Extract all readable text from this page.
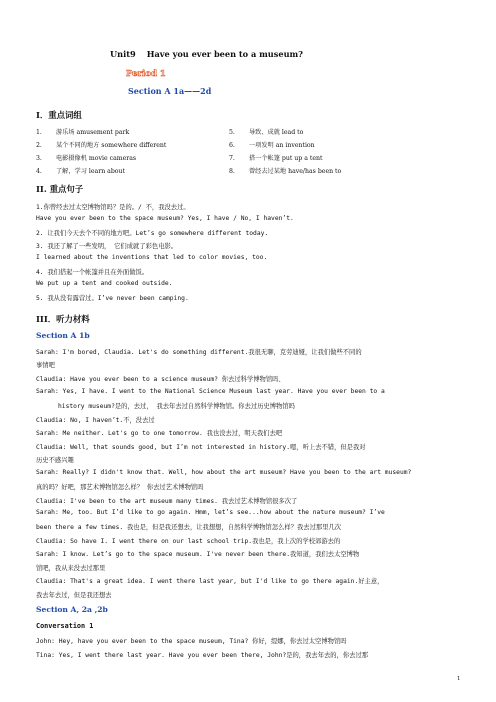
Unit9　 Have you ever been to a museum?
Period 1
Section A 1a——2d
I．重点词组
1. 游乐场 amusement park
2. 某个不同的地方 somewhere different
3. 电影摄像机 movie cameras
4. 了解，学习 learn about
5. 导致、成就 lead to
6. 一项发明 an invention
7. 搭一个帐篷 put up a tent
8. 曾经去过某地 have/has been to
II. 重点句子
1.你曾经去过太空博物馆吗？是的。/ 不，我没去过。
Have you ever been to the space museum? Yes, I have / No, I haven’t.
2. 让我们今天去个不同的地方吧。Let’s go somewhere different today.
3. 我还了解了一些发明， 它们成就了彩色电影。
I learned about the inventions that led to color movies, too.
4. 我们搭起一个帐篷并且在外面做饭。
We put up a tent and cooked outside.
5. 我从没有露营过。I’ve never been camping.
III．听力材料
Section A 1b
Sarah: I'm bored, Claudia. Let's do something different.我很无聊，克劳迪娅，让我们做些不同的
事情吧
Claudia: Have you ever been to a science museum? 你去过科学博物馆吗、
Sarah: Yes, I have. I went to the National Science Museum last year. Have you ever been to a
history museum?是的，去过， 我去年去过自然科学博物馆。你去过历史博物馆吗
Claudia: No, I haven’t.不，没去过
Sarah: Me neither. Let's go to one tomorrow. 我也没去过，明天我们去吧
Claudia: Well, that sounds good, but I’m not interested in history.嗯，听上去不错，但是我对
历史不感兴趣
Sarah: Really? I didn't know that. Well, how about the art museum? Have you been to the art museum?
真的吗？好吧，那艺术博物馆怎么样？ 你去过艺术博物馆吗
Claudia: I've been to the art museum many times. 我去过艺术博物馆很多次了
Sarah: Me, too. But I’d like to go again. Hmm, let’s see...how about the nature museum? I’ve
been there a few times. 我也是，但是我还想去，让我想想，自然科学博物馆怎么样？我去过那里几次
Claudia: So have I. I went there on our last school trip.我也是，我上次的学校郊游去的
Sarah: I know. Let’s go to the space museum. I've never been there.我知道，我们去太空博物
馆吧，我从来没去过那里
Claudia: That's a great idea. I went there last year, but I'd like to go there again.好主意，
我去年去过，但是我还想去
Section A, 2a ,2b
Conversation 1
John: Hey, have you ever been to the space museum, Tina? 你好，缇娜，你去过太空博物馆吗
Tina: Yes, I went there last year. Have you ever been there, John?是的，我去年去的，你去过那
1
